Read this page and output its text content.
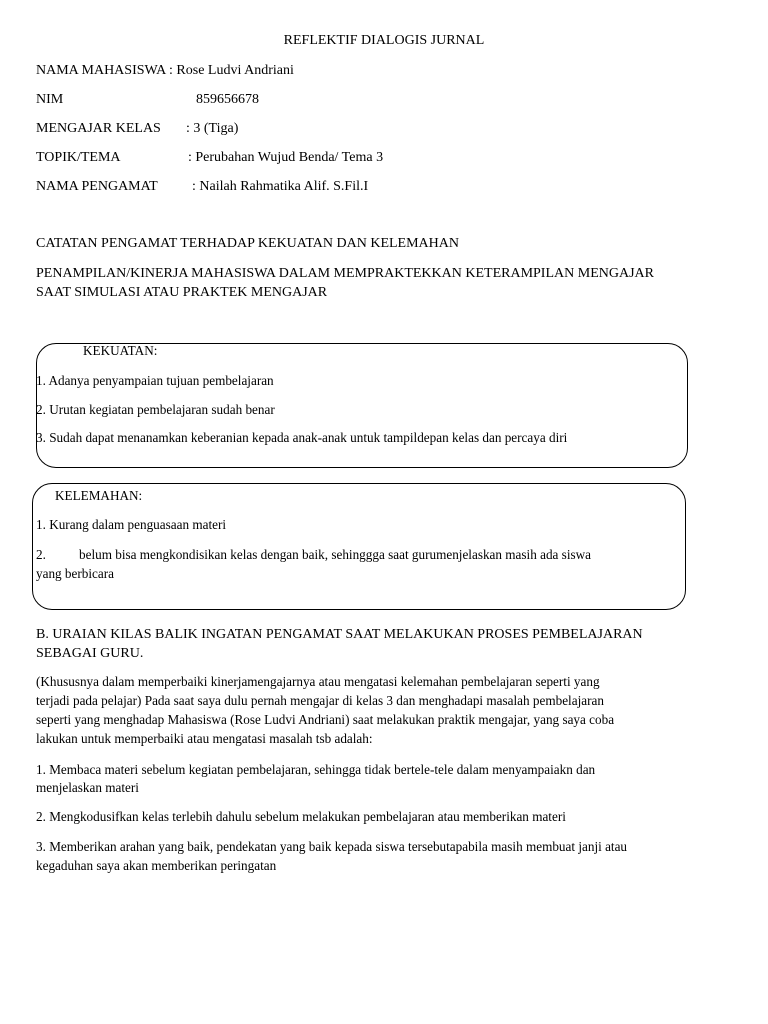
REFLEKTIF DIALOGIS JURNAL
NAMA MAHASISWA : Rose Ludvi Andriani
NIM	859656678
MENGAJAR KELAS : 3 (Tiga)
TOPIK/TEMA	: Perubahan Wujud Benda/ Tema 3
NAMA PENGAMAT : Nailah Rahmatika Alif. S.Fil.I
CATATAN PENGAMAT TERHADAP KEKUATAN DAN KELEMAHAN
PENAMPILAN/KINERJA MAHASISWA DALAM MEMPRAKTEKKAN KETERAMPILAN MENGAJAR
SAAT SIMULASI ATAU PRAKTEK MENGAJAR
KEKUATAN:
1. Adanya penyampaian tujuan pembelajaran
2. Urutan kegiatan pembelajaran sudah benar
3. Sudah dapat menanamkan keberanian kepada anak-anak untuk tampildepan kelas dan percaya diri
KELEMAHAN:
1. Kurang dalam penguasaan materi
2.	belum bisa mengkondisikan kelas dengan baik, sehinggga saat gurumenjelaskan masih ada siswa
yang berbicara
B. URAIAN KILAS BALIK INGATAN PENGAMAT SAAT MELAKUKAN PROSES PEMBELAJARAN
SEBAGAI GURU.
(Khususnya dalam memperbaiki kinerjamengajarnya atau mengatasi kelemahan pembelajaran seperti yang
terjadi pada pelajar) Pada saat saya dulu pernah mengajar di kelas 3 dan menghadapi masalah pembelajaran
seperti yang menghadap Mahasiswa (Rose Ludvi Andriani) saat melakukan praktik mengajar, yang saya coba
lakukan untuk memperbaiki atau mengatasi masalah tsb adalah:
1. Membaca materi sebelum kegiatan pembelajaran, sehingga tidak bertele-tele dalam menyampaiakn dan
menjelaskan materi
2. Mengkodusifkan kelas terlebih dahulu sebelum melakukan pembelajaran atau memberikan materi
3. Memberikan arahan yang baik, pendekatan yang baik kepada siswa tersebutapabila masih membuat janji atau
kegaduhan saya akan memberikan peringatan
